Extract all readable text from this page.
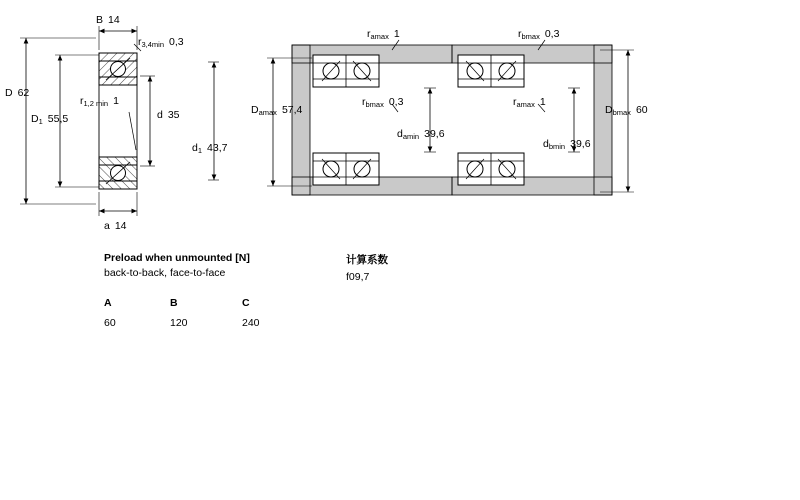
B 14
$r_{3,4min}$ 0,3
D 62
$r_{1,2 min}$ 1
$D_1$ 55,5	d 35
$d_1$ 43,7
a 14
$r_{amax}$ 1	$r_{bmax}$ 0,3
$D_{amax}$ 57,4
$r_{bmax}$ 0,3	$r_{amax}$ 1
$D_{bmax}$ 60
$d_{amin}$ 39,6
$d_{bmin}$ 39,6
Preload when unmounted [N]
back-to-back, face-to-face
A	B	C
60	120	240
计算系数
f09,7
